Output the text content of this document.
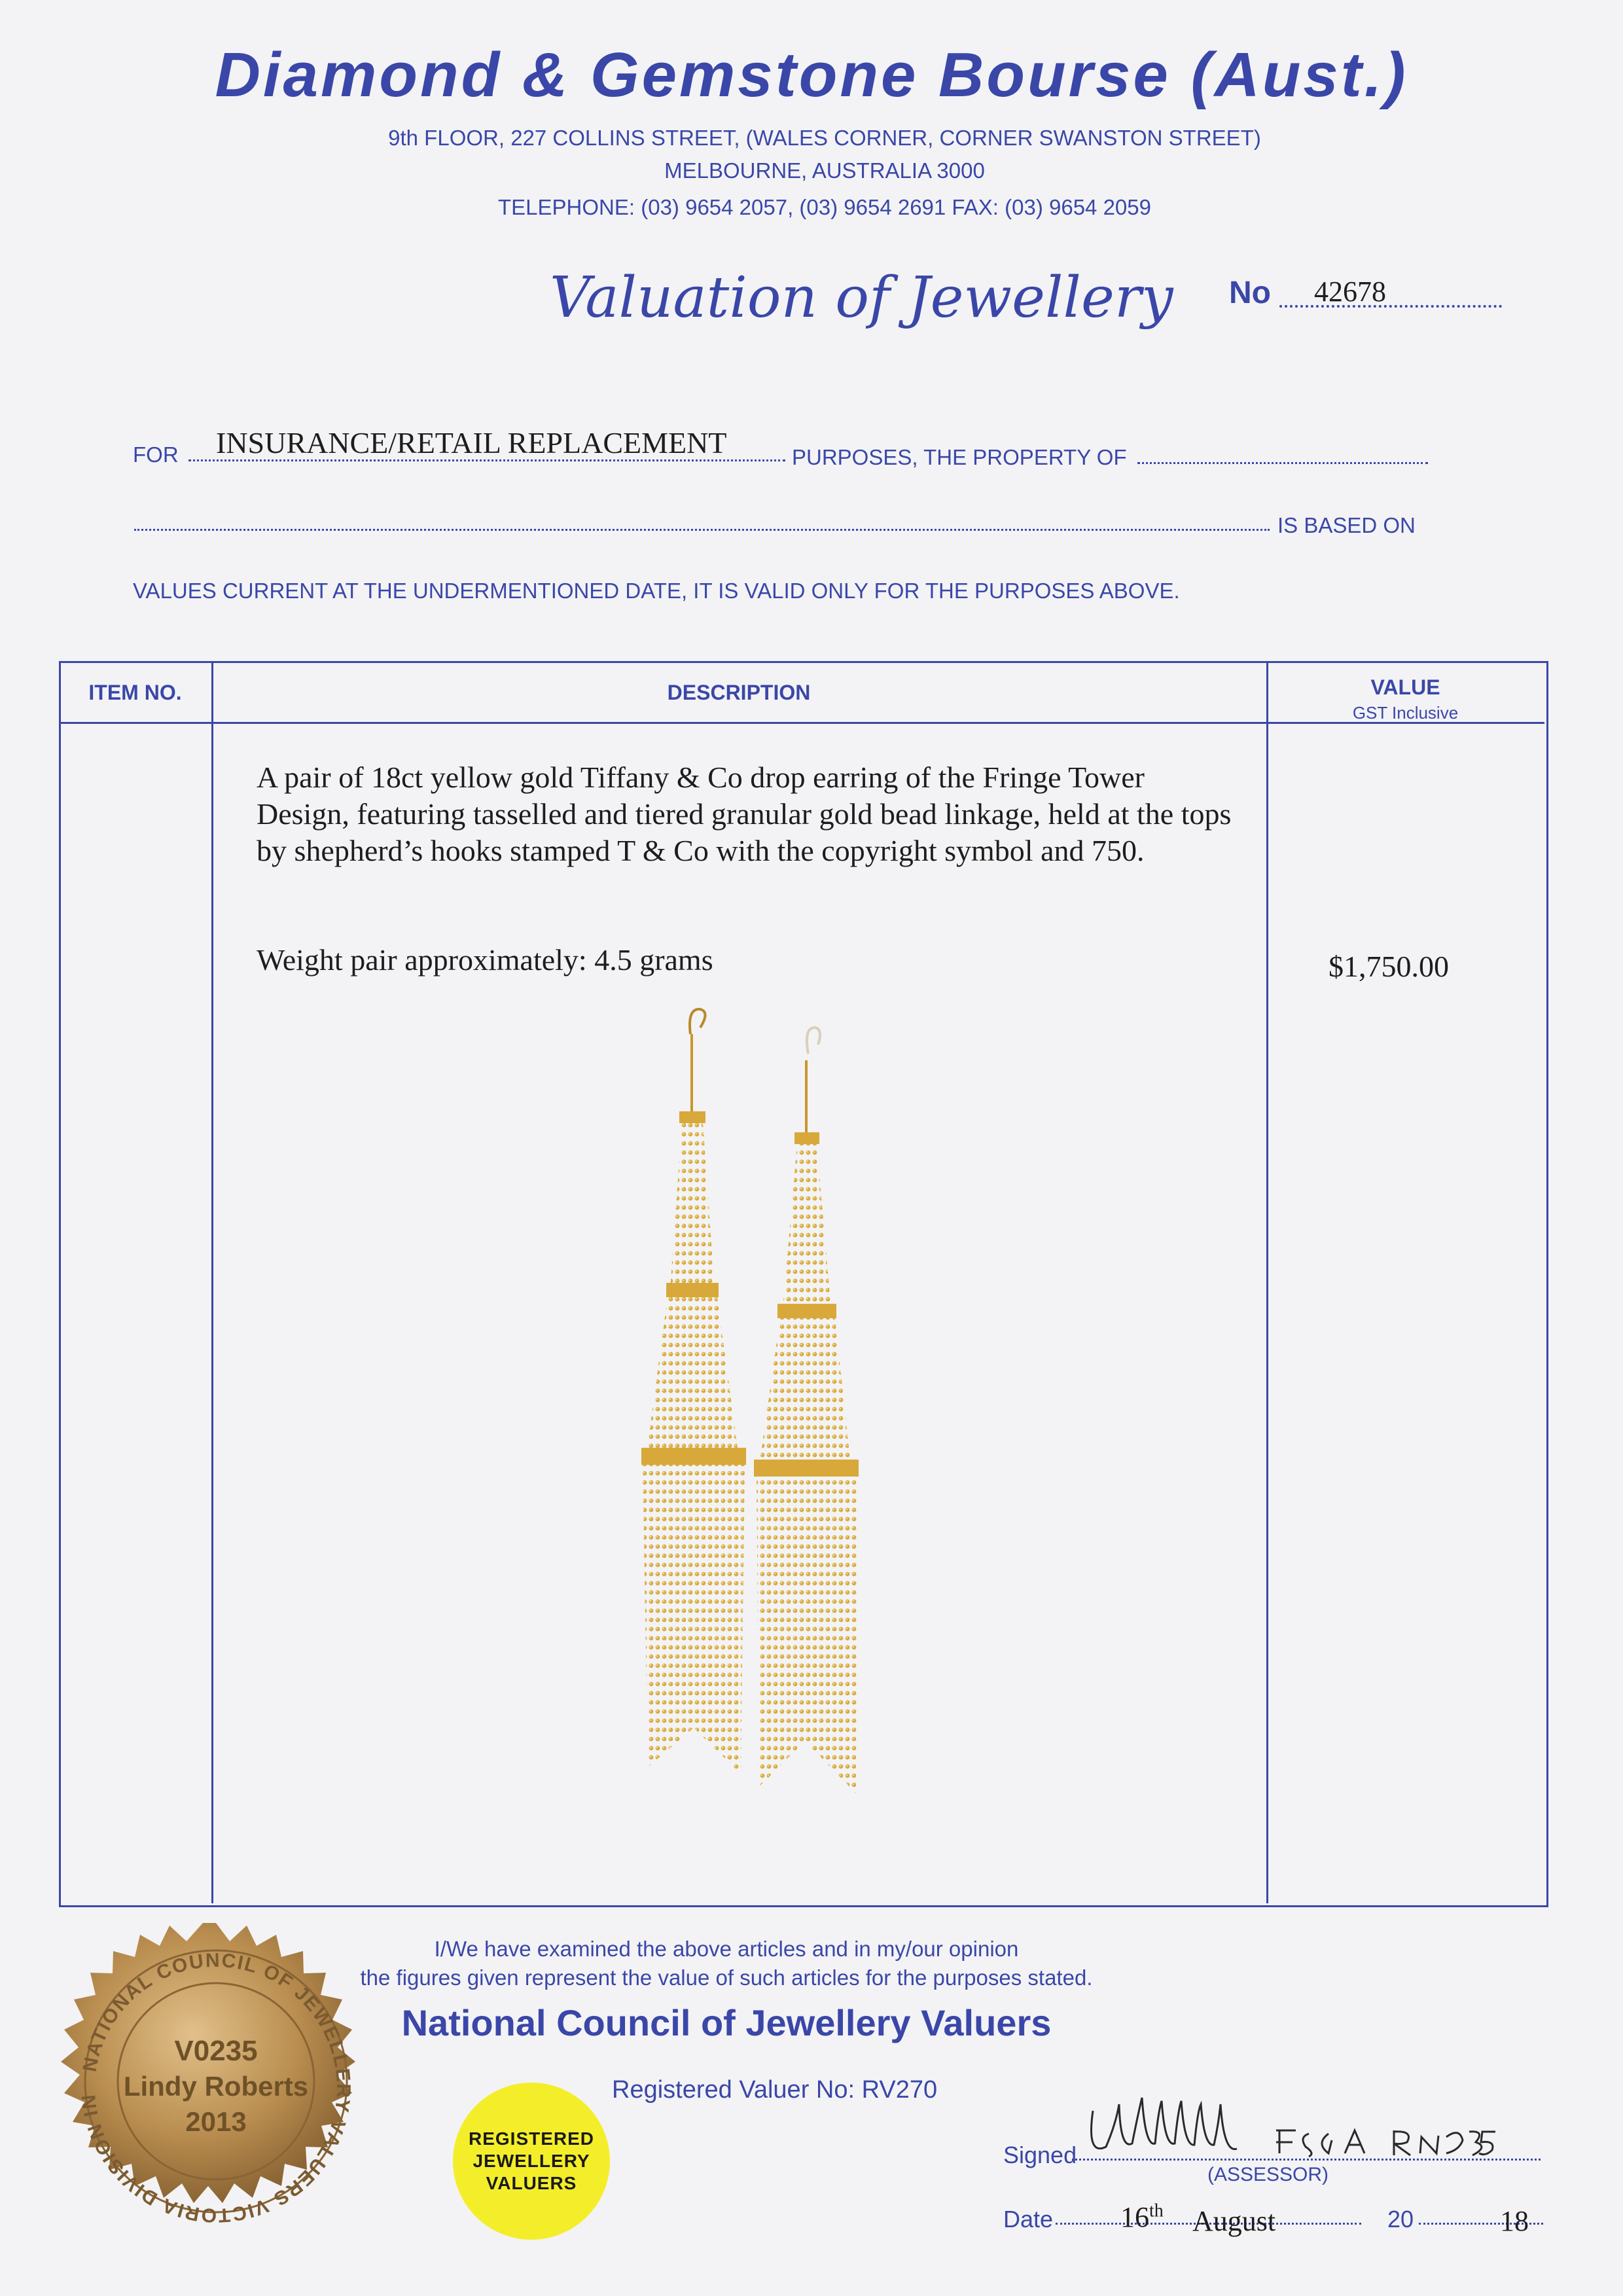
Diamond & Gemstone Bourse (Aust.)
9th FLOOR, 227 COLLINS STREET, (WALES CORNER, CORNER SWANSTON STREET)
MELBOURNE, AUSTRALIA 3000
TELEPHONE: (03) 9654 2057, (03) 9654 2691 FAX: (03) 9654 2059
Valuation of Jewellery No 42678
FOR INSURANCE/RETAIL REPLACEMENT	PURPOSES, THE PROPERTY OF
IS BASED ON
VALUES CURRENT AT THE UNDERMENTIONED DATE, IT IS VALID ONLY FOR THE PURPOSES ABOVE.
ITEM NO.	DESCRIPTION	VALUE
GST Inclusive
A pair of 18ct yellow gold Tiffany & Co drop earring of the Fringe Tower Design, featuring tasselled and tiered granular gold bead linkage, held at the tops by shepherd’s hooks stamped T & Co with the copyright symbol and 750.
Weight pair approximately: 4.5 grams	$1,750.00
I/We have examined the above articles and in my/our opinion
the figures given represent the value of such articles for the purposes stated.
National Council of Jewellery Valuers
Registered Valuer No: RV270
NATIONAL COUNCIL OF JEWELLERY VALUERS VICTORIA DIVISION IN
V0235
Lindy Roberts
2013
REGISTERED
JEWELLERY
VALUERS
Signed
(ASSESSOR)
Date 16th August	20	18
